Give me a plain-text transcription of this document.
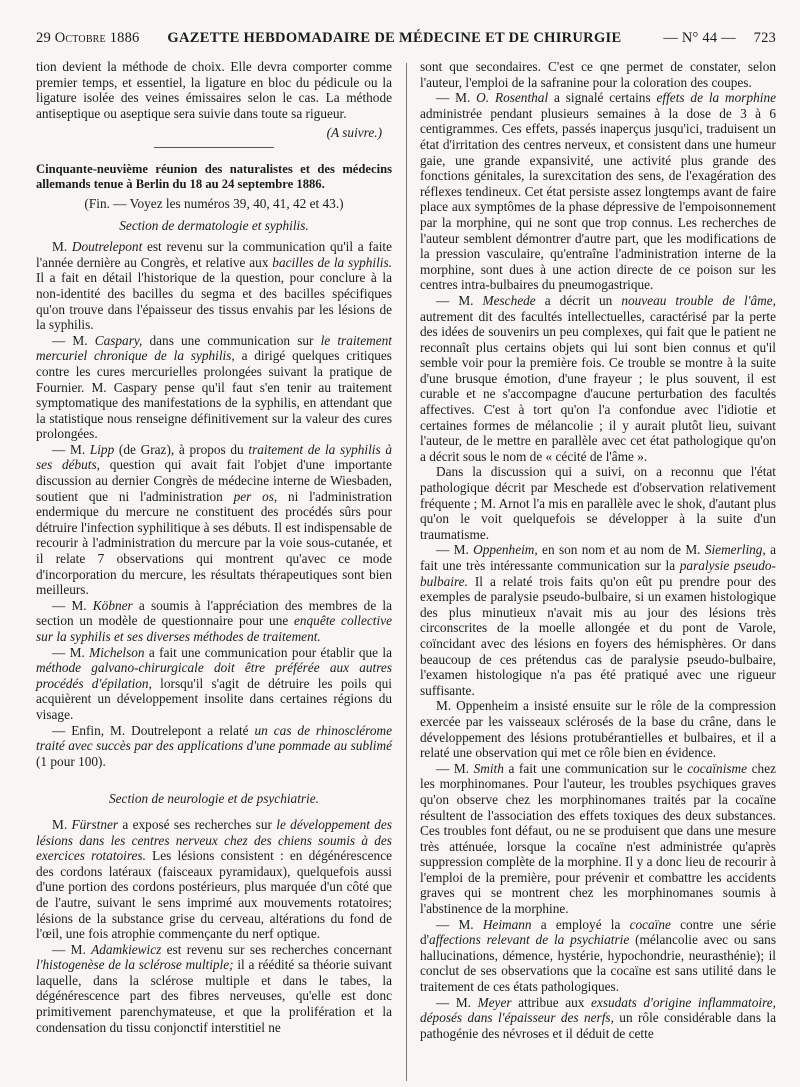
29 Octobre 1886 GAZETTE HEBDOMADAIRE DE MÉDECINE ET DE CHIRURGIE	— N° 44 — 723

tion devient la méthode de choix. Elle devra comporter comme premier temps, et essentiel, la ligature en bloc du pédicule ou la ligature isolée des veines émissaires selon le cas. La méthode antiseptique ou aseptique sera suivie dans toute sa rigueur.

(A suivre.)
Cinquante-neuvième réunion des naturalistes et des médecins allemands tenue à Berlin du 18 au 24 septembre 1886.
(Fin. — Voyez les numéros 39, 40, 41, 42 et 43.)
Section de dermatologie et syphilis.

M. Doutrelepont est revenu sur la communication qu'il a faite l'année dernière au Congrès, et relative aux bacilles de la syphilis. Il a fait en détail l'historique de la question, pour conclure à la non-identité des bacilles du segma et des bacilles spécifiques qu'on trouve dans l'épaisseur des tissus envahis par les lésions de la syphilis.

— M. Caspary, dans une communication sur le traitement mercuriel chronique de la syphilis, a dirigé quelques critiques contre les cures mercurielles prolongées suivant la pratique de Fournier. M. Caspary pense qu'il faut s'en tenir au traitement symptomatique des manifestations de la syphilis, en attendant que la statistique nous renseigne définitivement sur la valeur des cures prolongées.

— M. Lipp (de Graz), à propos du traitement de la syphilis à ses débuts, question qui avait fait l'objet d'une importante discussion au dernier Congrès de médecine interne de Wiesbaden, soutient que ni l'administration per os, ni l'administration endermique du mercure ne constituent des procédés sûrs pour détruire l'infection syphilitique à ses débuts. Il est indispensable de recourir à l'administration du mercure par la voie sous-cutanée, et il relate 7 observations qui montrent qu'avec ce mode d'incorporation du mercure, les résultats thérapeutiques sont bien meilleurs.

— M. Köbner a soumis à l'appréciation des membres de la section un modèle de questionnaire pour une enquête collective sur la syphilis et ses diverses méthodes de traitement.

— M. Michelson a fait une communication pour établir que la méthode galvano-chirurgicale doit être préférée aux autres procédés d'épilation, lorsqu'il s'agit de détruire les poils qui acquièrent un développement insolite dans certaines régions du visage.

— Enfin, M. Doutrelepont a relaté un cas de rhinosclérome traité avec succès par des applications d'une pommade au sublimé (1 pour 100).

Section de neurologie et de psychiatrie.

M. Fürstner a exposé ses recherches sur le développement des lésions dans les centres nerveux chez des chiens soumis à des exercices rotatoires. Les lésions consistent : en dégénérescence des cordons latéraux (faisceaux pyramidaux), quelquefois aussi d'une portion des cordons postérieurs, plus marquée d'un côté que de l'autre, suivant le sens imprimé aux mouvements rotatoires; lésions de la substance grise du cerveau, altérations du fond de l'œil, une fois atrophie commençante du nerf optique.

— M. Adamkiewicz est revenu sur ses recherches concernant l'histogenèse de la sclérose multiple; il a réédité sa théorie suivant laquelle, dans la sclérose multiple et dans le tabes, la dégénérescence part des fibres nerveuses, qu'elle est donc primitivement parenchymateuse, et que la prolifération et la condensation du tissu conjonctif interstitiel ne

sont que secondaires. C'est ce qne permet de constater, selon l'auteur, l'emploi de la safranine pour la coloration des coupes.

— M. O. Rosenthal a signalé certains effets de la morphine administrée pendant plusieurs semaines à la dose de 3 à 6 centigrammes. Ces effets, passés inaperçus jusqu'ici, traduisent un état d'irritation des centres nerveux, et consistent dans une humeur gaie, une grande expansivité, une activité plus grande des fonctions génitales, la surexcitation des sens, de l'exagération des réflexes tendineux. Cet état persiste assez longtemps avant de faire place aux symptômes de la phase dépressive de l'empoisonnement par la morphine, qui ne sont que trop connus. Les recherches de l'auteur semblent démontrer d'autre part, que les modifications de la pression vasculaire, qu'entraîne l'administration interne de la morphine, sont dues à une action directe de ce poison sur les centres intra-bulbaires du pneumogastrique.

— M. Meschede a décrit un nouveau trouble de l'âme, autrement dit des facultés intellectuelles, caractérisé par la perte des idées de souvenirs un peu complexes, qui fait que le patient ne reconnaît plus certains objets qui lui sont bien connus et qu'il semble voir pour la première fois. Ce trouble se montre à la suite d'une brusque émotion, d'une frayeur ; le plus souvent, il est curable et ne s'accompagne d'aucune perturbation des facultés affectives. C'est à tort qu'on l'a confondue avec l'idiotie et certaines formes de mélancolie ; il y aurait plutôt lieu, suivant l'auteur, de le mettre en parallèle avec cet état pathologique qu'on a décrit sous le nom de « cécité de l'âme ».

Dans la discussion qui a suivi, on a reconnu que l'état pathologique décrit par Meschede est d'observation relativement fréquente ; M. Arnot l'a mis en parallèle avec le shok, d'autant plus qu'on le voit quelquefois se développer à la suite d'un traumatisme.

— M. Oppenheim, en son nom et au nom de M. Siemerling, a fait une très intéressante communication sur la paralysie pseudo-bulbaire. Il a relaté trois faits qu'on eût pu prendre pour des exemples de paralysie pseudo-bulbaire, si un examen histologique des plus minutieux n'avait mis au jour des lésions très circonscrites de la moelle allongée et du pont de Varole, coïncidant avec des lésions en foyers des hémisphères. Or dans beaucoup de ces prétendus cas de paralysie pseudo-bulbaire, l'examen histologique n'a pas été pratiqué avec une rigueur suffisante.

M. Oppenheim a insisté ensuite sur le rôle de la compression exercée par les vaisseaux sclérosés de la base du crâne, dans le développement des lésions protubérantielles et bulbaires, et il a relaté une observation qui met ce rôle bien en évidence.

— M. Smith a fait une communication sur le cocaïnisme chez les morphinomanes. Pour l'auteur, les troubles psychiques graves qu'on observe chez les morphinomanes traités par la cocaïne résultent de l'association des effets toxiques des deux substances. Ces troubles font défaut, ou ne se produisent que dans une mesure très atténuée, lorsque la cocaïne n'est administrée qu'après suppression complète de la morphine. Il y a donc lieu de recourir à l'emploi de la première, pour prévenir et combattre les accidents graves qui se montrent chez les morphinomanes soumis à l'abstinence de la morphine.

— M. Heimann a employé la cocaïne contre une série d'affections relevant de la psychiatrie (mélancolie avec ou sans hallucinations, démence, hystérie, hypochondrie, neurasthénie); il conclut de ses observations que la cocaïne est sans utilité dans le traitement de ces états pathologiques.

— M. Meyer attribue aux exsudats d'origine inflammatoire, déposés dans l'épaisseur des nerfs, un rôle considérable dans la pathogénie des névroses et il déduit de cette
